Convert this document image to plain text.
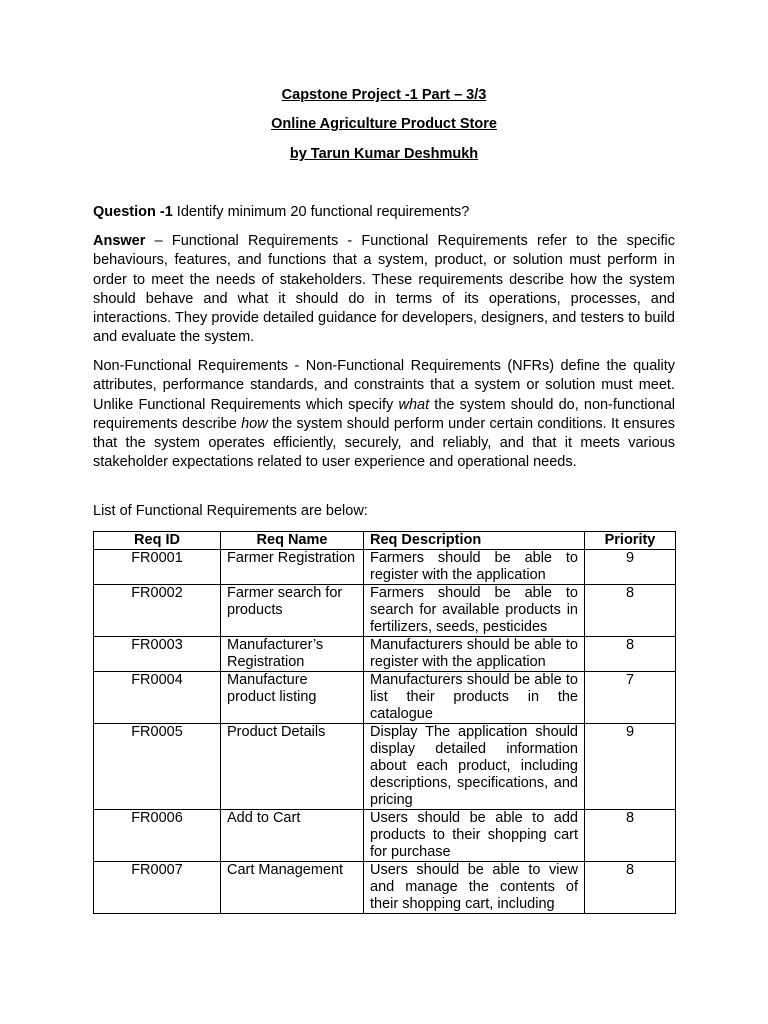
Capstone Project -1 Part – 3/3
Online Agriculture Product Store
by Tarun Kumar Deshmukh
Question -1 Identify minimum 20 functional requirements?
Answer – Functional Requirements - Functional Requirements refer to the specific behaviours, features, and functions that a system, product, or solution must perform in order to meet the needs of stakeholders. These requirements describe how the system should behave and what it should do in terms of its operations, processes, and interactions. They provide detailed guidance for developers, designers, and testers to build and evaluate the system.
Non-Functional Requirements - Non-Functional Requirements (NFRs) define the quality attributes, performance standards, and constraints that a system or solution must meet. Unlike Functional Requirements which specify what the system should do, non-functional requirements describe how the system should perform under certain conditions. It ensures that the system operates efficiently, securely, and reliably, and that it meets various stakeholder expectations related to user experience and operational needs.
List of Functional Requirements are below:
Req ID	Req Name	Req Description	Priority
FR0001	Farmer Registration	Farmers should be able to register with the application	9
FR0002	Farmer search for products	Farmers should be able to search for available products in fertilizers, seeds, pesticides	8
FR0003	Manufacturer’s Registration	Manufacturers should be able to register with the application	8
FR0004	Manufacture product listing	Manufacturers should be able to list their products in the catalogue	7
FR0005	Product Details	Display The application should display detailed information about each product, including descriptions, specifications, and pricing	9
FR0006	Add to Cart	Users should be able to add products to their shopping cart for purchase	8
FR0007	Cart Management	Users should be able to view and manage the contents of their shopping cart, including	8
